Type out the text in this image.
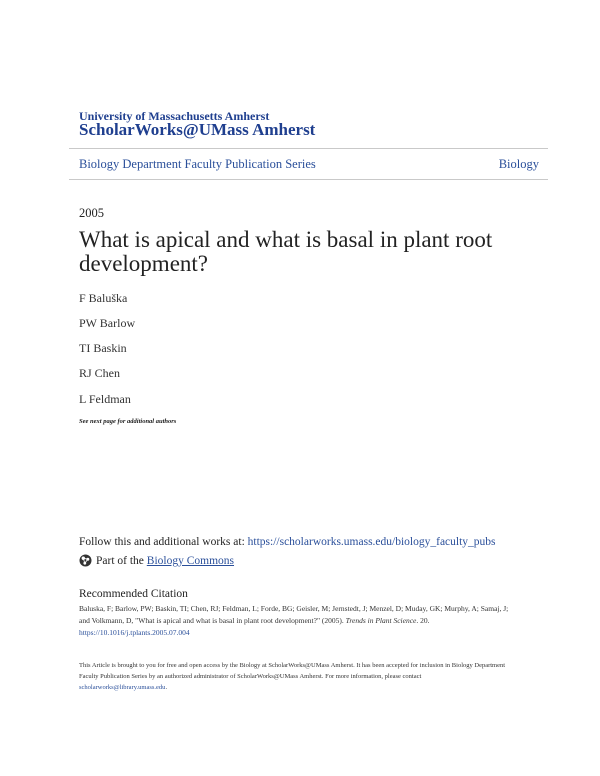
University of Massachusetts Amherst
ScholarWorks@UMass Amherst
Biology Department Faculty Publication Series	Biology
2005
What is apical and what is basal in plant root development?
F Baluška
PW Barlow
TI Baskin
RJ Chen
L Feldman
See next page for additional authors
Follow this and additional works at: https://scholarworks.umass.edu/biology_faculty_pubs
Part of the
Biology Commons
Recommended Citation
Baluska, F; Barlow, PW; Baskin, TI; Chen, RJ; Feldman, L; Forde, BG; Geisler, M; Jernstedt, J; Menzel, D; Muday, GK; Murphy, A; Samaj, J; and Volkmann, D, "What is apical and what is basal in plant root development?" (2005). Trends in Plant Science. 20.
https://10.1016/j.tplants.2005.07.004
This Article is brought to you for free and open access by the Biology at ScholarWorks@UMass Amherst. It has been accepted for inclusion in Biology Department Faculty Publication Series by an authorized administrator of ScholarWorks@UMass Amherst. For more information, please contact
scholarworks@library.umass.edu.
